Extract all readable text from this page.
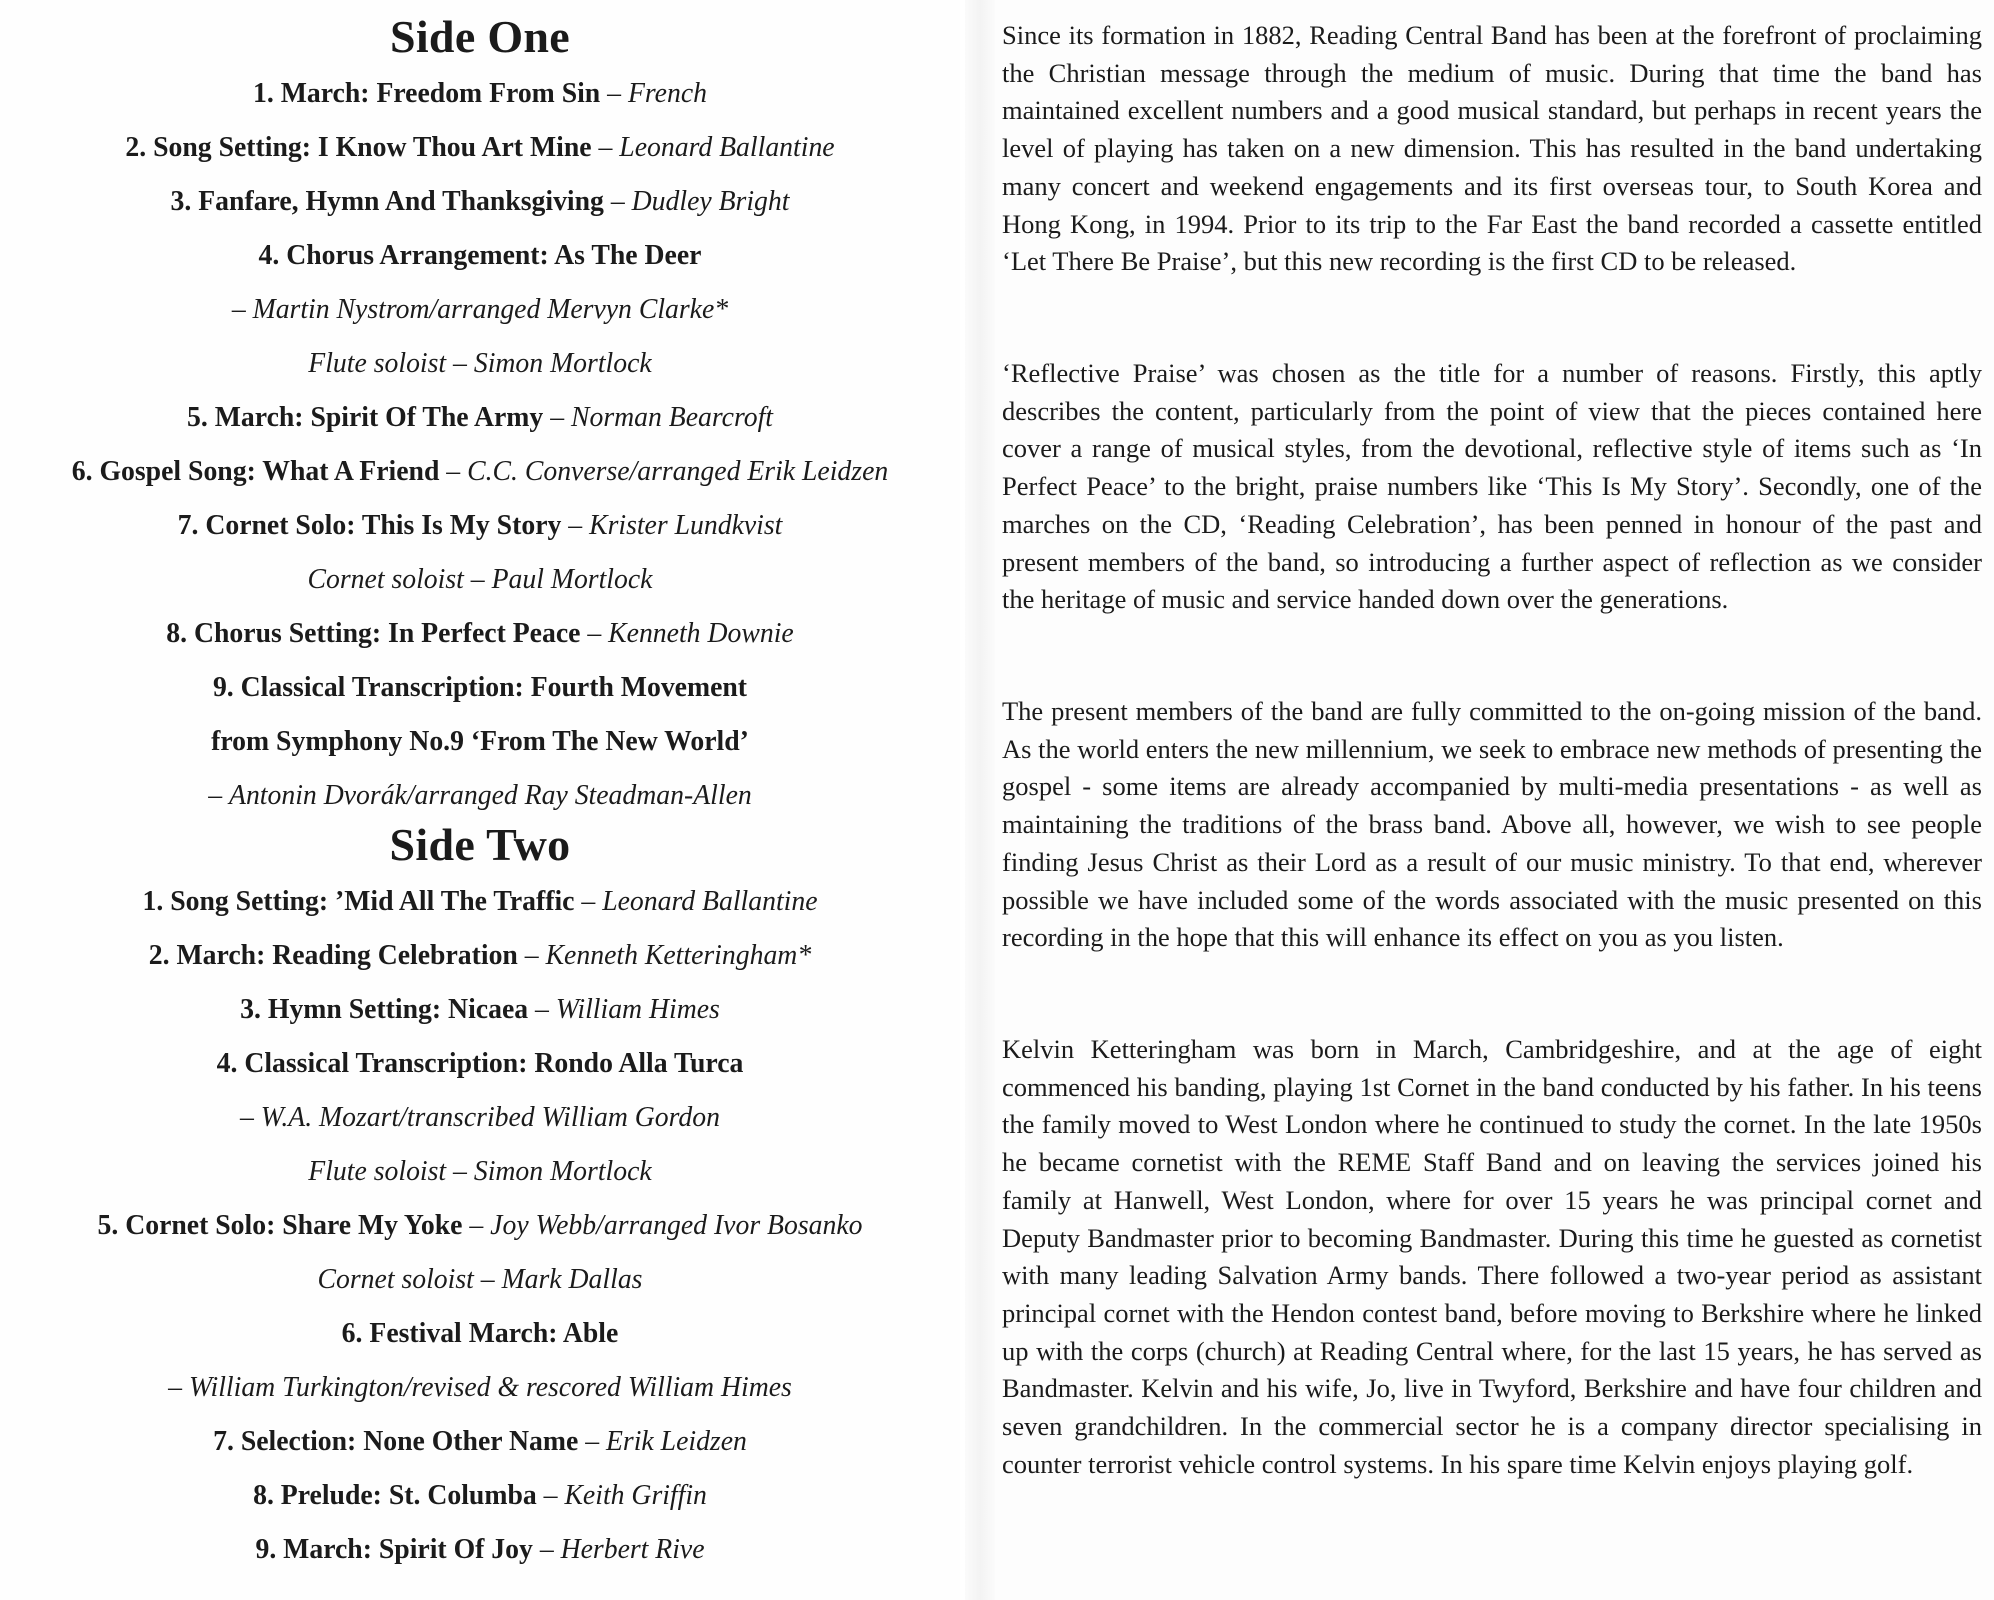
Side One
1. March: Freedom From Sin – French
2. Song Setting: I Know Thou Art Mine – Leonard Ballantine
3. Fanfare, Hymn And Thanksgiving – Dudley Bright
4. Chorus Arrangement: As The Deer
– Martin Nystrom/arranged Mervyn Clarke*
Flute soloist – Simon Mortlock
5. March: Spirit Of The Army – Norman Bearcroft
6. Gospel Song: What A Friend – C.C. Converse/arranged Erik Leidzen
7. Cornet Solo: This Is My Story – Krister Lundkvist
Cornet soloist – Paul Mortlock
8. Chorus Setting: In Perfect Peace – Kenneth Downie
9. Classical Transcription: Fourth Movement
from Symphony No.9 ‘From The New World’
– Antonin Dvorák/arranged Ray Steadman-Allen
Side Two
1. Song Setting: ’Mid All The Traffic – Leonard Ballantine
2. March: Reading Celebration – Kenneth Ketteringham*
3. Hymn Setting: Nicaea – William Himes
4. Classical Transcription: Rondo Alla Turca
– W.A. Mozart/transcribed William Gordon
Flute soloist – Simon Mortlock
5. Cornet Solo: Share My Yoke – Joy Webb/arranged Ivor Bosanko
Cornet soloist – Mark Dallas
6. Festival March: Able
– William Turkington/revised & rescored William Himes
7. Selection: None Other Name – Erik Leidzen
8. Prelude: St. Columba – Keith Griffin
9. March: Spirit Of Joy – Herbert Rive

Since its formation in 1882, Reading Central Band has been at the forefront of proclaiming the Christian message through the medium of music. During that time the band has maintained excellent numbers and a good musical standard, but perhaps in recent years the level of playing has taken on a new dimension. This has resulted in the band undertaking many concert and weekend engagements and its first overseas tour, to South Korea and Hong Kong, in 1994. Prior to its trip to the Far East the band recorded a cassette entitled ‘Let There Be Praise’, but this new recording is the first CD to be released.

‘Reflective Praise’ was chosen as the title for a number of reasons. Firstly, this aptly describes the content, particularly from the point of view that the pieces contained here cover a range of musical styles, from the devotional, reflective style of items such as ‘In Perfect Peace’ to the bright, praise numbers like ‘This Is My Story’. Secondly, one of the marches on the CD, ‘Reading Celebration’, has been penned in honour of the past and present members of the band, so introducing a further aspect of reflection as we consider the heritage of music and service handed down over the generations.

The present members of the band are fully committed to the on-going mission of the band. As the world enters the new millennium, we seek to embrace new methods of presenting the gospel - some items are already accompanied by multi-media presentations - as well as maintaining the traditions of the brass band. Above all, however, we wish to see people finding Jesus Christ as their Lord as a result of our music ministry. To that end, wherever possible we have included some of the words associated with the music presented on this recording in the hope that this will enhance its effect on you as you listen.

Kelvin Ketteringham was born in March, Cambridgeshire, and at the age of eight commenced his banding, playing 1st Cornet in the band conducted by his father. In his teens the family moved to West London where he continued to study the cornet. In the late 1950s he became cornetist with the REME Staff Band and on leaving the services joined his family at Hanwell, West London, where for over 15 years he was principal cornet and Deputy Bandmaster prior to becoming Bandmaster. During this time he guested as cornetist with many leading Salvation Army bands. There followed a two-year period as assistant principal cornet with the Hendon contest band, before moving to Berkshire where he linked up with the corps (church) at Reading Central where, for the last 15 years, he has served as Bandmaster. Kelvin and his wife, Jo, live in Twyford, Berkshire and have four children and seven grandchildren. In the commercial sector he is a company director specialising in counter terrorist vehicle control systems. In his spare time Kelvin enjoys playing golf.
